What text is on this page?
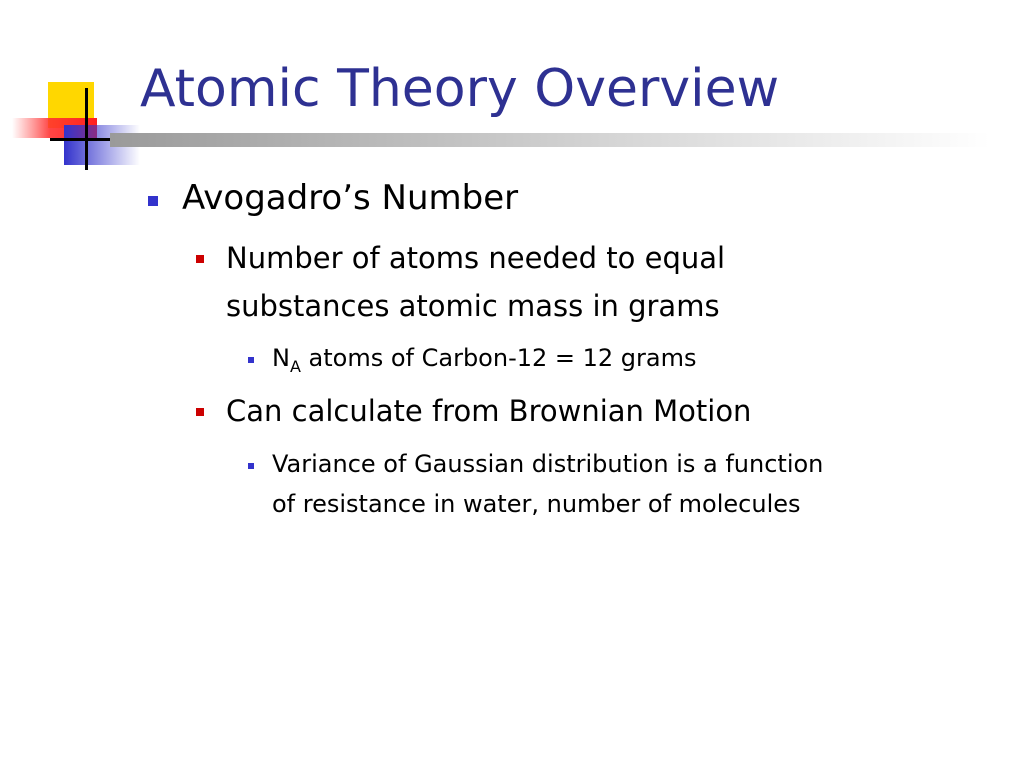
Atomic Theory Overview
Avogadro’s Number
Number of atoms needed to equal
substances atomic mass in grams
$N_A$ atoms of Carbon-12 = 12 grams
Can calculate from Brownian Motion
Variance of Gaussian distribution is a function
of resistance in water, number of molecules
